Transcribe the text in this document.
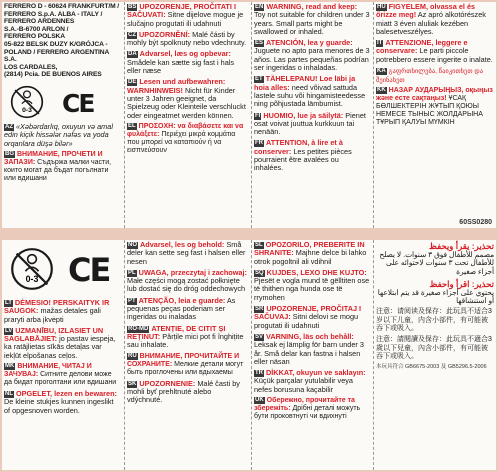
FERRERO D - 60624 FRANKFURT/M /
FERRERO S.p.A. ALBA - ITALY /
FERRERO ARDENNES
S.A.-B-6700 ARLON /
FERRERO POLSKA
05-822 BELSK DUZY K/GRÓJCA -
POLAND / FERRERO ARGENTINA S.A.
LOS CARDALES,
(2814) Pcia. DE BUENOS AIRES
0-3 CE
AZ «Xəbərdarlıq, oxuyun və amal edin kiçik hissələr nəfəs va yoda orqanlara düşə bilər»
BG ВНИМАНИЕ, ПРОЧЕТИ И ЗАПАЗИ: Съдържа малки части, които могат да бъдат погълнати или вдишани
BS UPOZORENJE, PROČITATI I SAČUVATI: Sitne dijelove mogue je slučajno progutati ili udahnuti
CZ UPOZORNĚNÍ: Malé části by mohly být spolknuty nebo vdechnuty.
DA Advarsel, læs og opbevar: Smådele kan sætte sig fast i hals eller næse
DE Lesen und aufbewahren: WARNHINWEIS! Nicht für Kinder unter 3 Jahren geeignet, da Spielzeug oder Kleinteile verschluckt oder eingeatmet werden können.
EL ΠΡΟΣΟΧΗ: να διαβάσετε και να φυλάξετε: Περιέχει μικρά κομμάτια που μπορεί να καταπιούν ή να εισπνεύσουν
EN WARNING, read and keep: Toy not suitable for children under 3 years. Small parts might be swallowed or inhaled.
ES ATENCIÓN, lea y guarde: Juguete no apto para menores de 3 años. Las partes pequeñas podrían ser ingeridas o inhaladas.
ET TÄHELEPANU! Loe läbi ja hoia alles: need võivad sattuda lastele suhu või hingamisteedesse ning põhjustada lämbumist.
FI HUOMIO, lue ja säilytä: Pienet osat voivat juuttua kurkkuun tai nenään.
FR ATTENTION, à lire et à conserver: Les petites pièces pourraient être avalées ou inhalées.
HU FIGYELEM, olvassa el és őrizze meg! Az apró alkotórészek miatt 3 éven aluliak kezében balesetveszélyes.
IT ATTENZIONE, leggere e conservare: Le parti piccole potrebbero essere ingerite o inalate.
KA გაფრთხილება, წაიკითხეთ და შეინახეთ
KK НАЗАР АУДАРЫҢЫЗ, оқыңыз және есте сақтаңыз! ҰСАҚ БӨЛШЕКТЕРІН ЖҰТЫП ҚОЮЫ НЕМЕСЕ ТЫНЫС ЖОЛДАРЫНА ТҰРЫП ҚАЛУЫ МҮМКІН
60SS0280
0-3 CE
LT DĖMESIO! PERSKAITYK IR SAUGOK: mažas detales gali praryti arba įkvėpti
LV UZMANĪBU, IZLASIET UN SAGLABĀJIET: jo pastav iespeja, ka ratājlietas sīkās detaļas var iekļūt elpošanas ceļos.
MK ВНИМАНИЕ, ЧИТАЈ И ЗАЧУВАЈ: Ситните делови може да бидат проголтани или вдишани
NL OPGELET, lezen en bewaren: De kleine stukjes kunnen ingeslikt of opgesnoven worden.
NO Advarsel, les og behold: Små deler kan sette seg fast i halsen eller nesen
PL UWAGA, przeczytaj i zachowaj: Małe części mogą zostać połknięte lub dostać się do dróg oddechowych
PT ATENÇÃO, leia e guarde: As pequenas peças poderiam ser ingeridas ou inaladas
RO-MD ATENȚIE, DE CITIT ȘI REȚINUT: Părțile mici pot fi înghițite sau inhalate.
RU ВНИМАНИЕ, ПРОЧИТАЙТЕ И СОХРАНИТЕ: Мелкие детали могут быть проглочены или вдыхаемы
SK UPOZORNENIE: Malé časti by mohli byť prehltnuté alebo vdýchnuté.
SL OPOZORILO, PREBERITE IN SHRANITE: Majhne delce bi lahko otrok pogoltnil ali vdihnil
SQ KUJDES, LEXO DHE KUJTO: Pjesët e vogla mund të gëlltiten ose të thithen nga hunda ose të rrymohen
SR UPOZORENJE, PROČITAJ I SAČUVAJ: Sitni delovi se mogu progutati ili udahnuti
SV VARNING, läs och behåll: Leksak ej lämplig för barn under 3 år. Små delar kan fastna i halsen eller näsan
TR DİKKAT, okuyun ve saklayın: Küçük parçalar yutulabilir veya nefes borusuna kaçabilir
UK Обережно, прочитайте та збережіть: Дрібні деталі можуть бути проковтнуті чи вдихнуті
تحذير: يقرأ ويحفظ
مصمم للأطفال فوق ٣ سنوات. لا يصلح للأطفال تحت ٣ سنوات لاحتوائه على أجزاء صغيرة
تحذير: اقرأ واحفظ
يحتوي على أجزاء صغيرة قد يتم ابتلاعها أو استنشاقها
注意：请阅读及保存：此玩具不适合3岁以下儿童，内含小部件，有可能被吞下或吸入。
注意：請閱讀及保存：此玩具不適合3歲以下兒童，內含小部件，有可能被吞下或吸入。
本玩具符合 GB6675-2003 及 GB5296.5-2006
